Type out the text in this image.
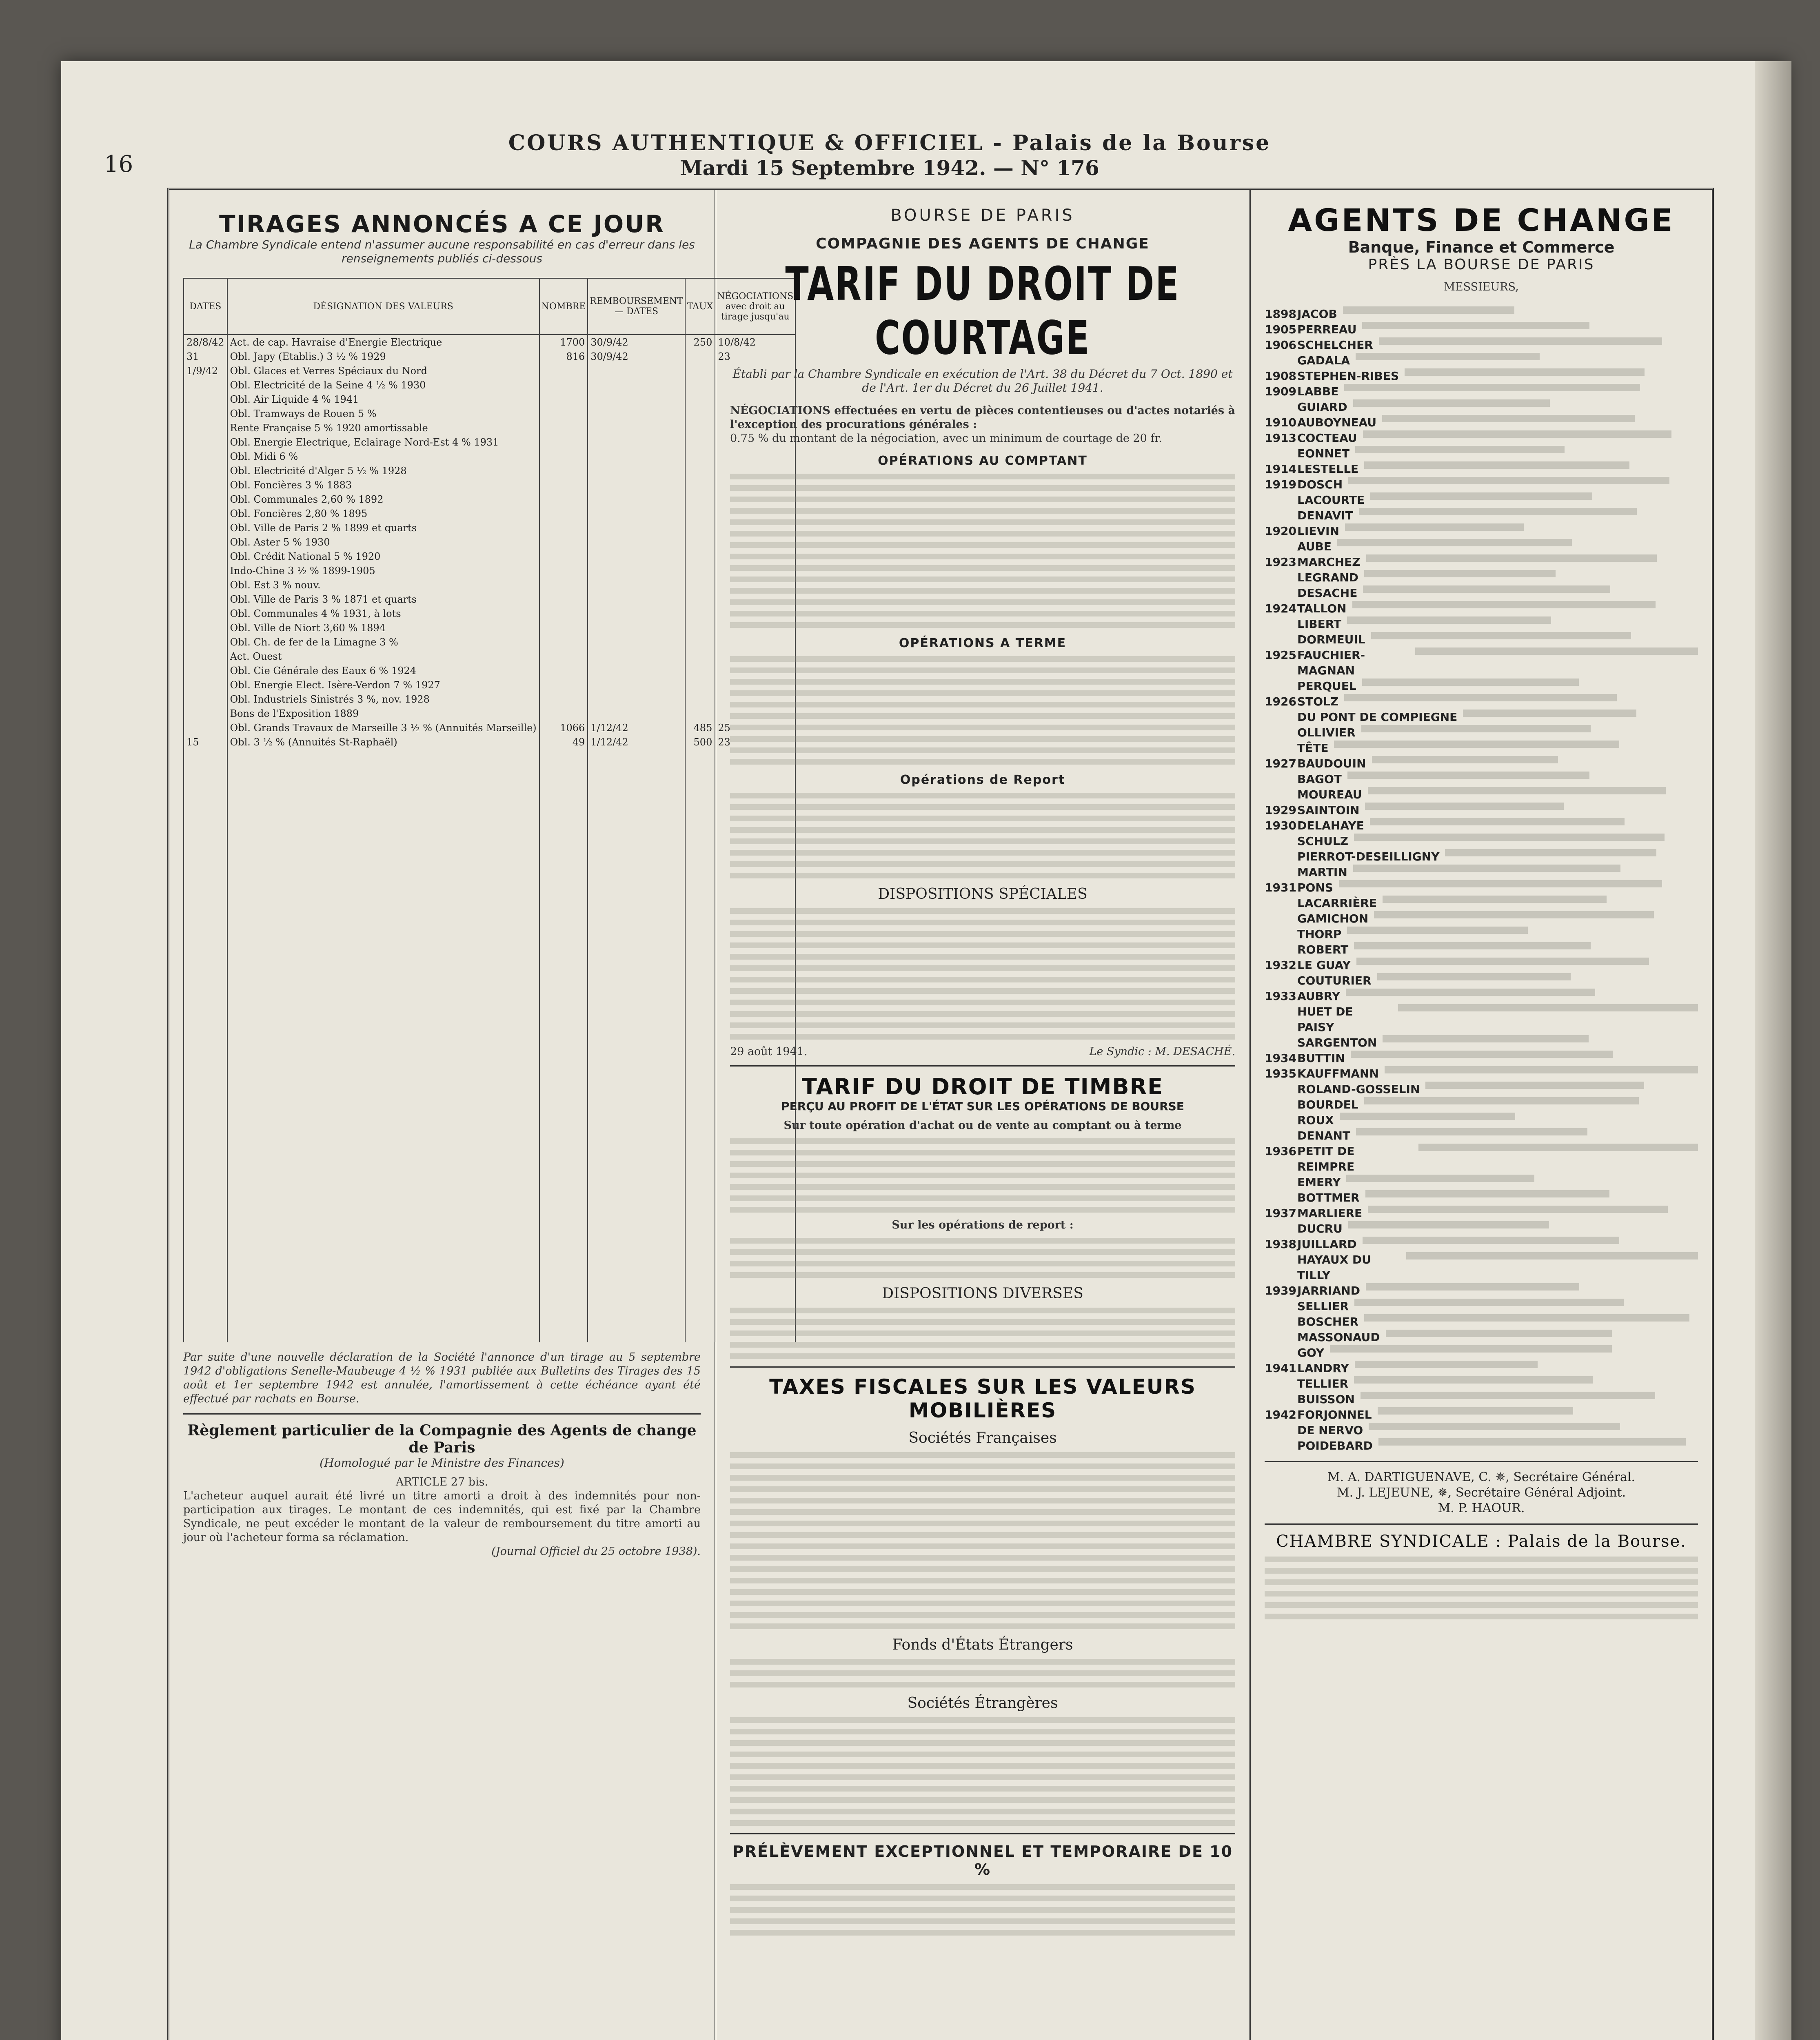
16
COURS AUTHENTIQUE & OFFICIEL - Palais de la Bourse
Mardi 15 Septembre 1942. — N° 176
TIRAGES ANNONCÉS A CE JOUR
La Chambre Syndicale entend n'assumer aucune responsabilité en cas d'erreur dans les renseignements publiés ci-dessous
DATES	DÉSIGNATION DES VALEURS	NOMBRE	REMBOURSEMENT — DATES	TAUX	NÉGOCIATIONS avec droit au tirage jusqu'au
28/8/42	Act. de cap. Havraise d'Energie Electrique	1700	30/9/42	250	10/8/42
31	Obl. Japy (Etablis.) 3 ½ % 1929	816	30/9/42		23
1/9/42	Obl. Glaces et Verres Spéciaux du Nord				
	Obl. Electricité de la Seine 4 ½ % 1930				
	Obl. Air Liquide 4 % 1941				
	Obl. Tramways de Rouen 5 %				
	Rente Française 5 % 1920 amortissable				
	Obl. Energie Electrique, Eclairage Nord-Est 4 % 1931				
	Obl. Midi 6 %				
	Obl. Electricité d'Alger 5 ½ % 1928				
	Obl. Foncières 3 % 1883				
	Obl. Communales 2,60 % 1892				
	Obl. Foncières 2,80 % 1895				
	Obl. Ville de Paris 2 % 1899 et quarts				
	Obl. Aster 5 % 1930				
	Obl. Crédit National 5 % 1920				
	Indo-Chine 3 ½ % 1899-1905				
	Obl. Est 3 % nouv.				
	Obl. Ville de Paris 3 % 1871 et quarts				
	Obl. Communales 4 % 1931, à lots				
	Obl. Ville de Niort 3,60 % 1894				
	Obl. Ch. de fer de la Limagne 3 %				
	Act. Ouest				
	Obl. Cie Générale des Eaux 6 % 1924				
	Obl. Energie Elect. Isère-Verdon 7 % 1927				
	Obl. Industriels Sinistrés 3 %, nov. 1928				
	Bons de l'Exposition 1889				
	Obl. Grands Travaux de Marseille 3 ½ % (Annuités Marseille)	1066	1/12/42	485	25
15	Obl. 3 ½ % (Annuités St-Raphaël)	49	1/12/42	500	23

Par suite d'une nouvelle déclaration de la Société l'annonce d'un tirage au 5 septembre 1942 d'obligations Senelle-Maubeuge 4 ½ % 1931 publiée aux Bulletins des Tirages des 15 août et 1er septembre 1942 est annulée, l'amortissement à cette échéance ayant été effectué par rachats en Bourse.
Règlement particulier de la Compagnie des Agents de change de Paris
(Homologué par le Ministre des Finances)
ARTICLE 27 bis.
L'acheteur auquel aurait été livré un titre amorti a droit à des indemnités pour non-participation aux tirages. Le montant de ces indemnités, qui est fixé par la Chambre Syndicale, ne peut excéder le montant de la valeur de remboursement du titre amorti au jour où l'acheteur forma sa réclamation.
(Journal Officiel du 25 octobre 1938).
BOURSE DE PARIS
COMPAGNIE DES AGENTS DE CHANGE
TARIF DU DROIT DE COURTAGE
Établi par la Chambre Syndicale en exécution de l'Art. 38 du Décret du 7 Oct. 1890 et de l'Art. 1er du Décret du 26 Juillet 1941.
NÉGOCIATIONS effectuées en vertu de pièces contentieuses ou d'actes notariés à l'exception des procurations générales :
0.75 % du montant de la négociation, avec un minimum de courtage de 20 fr.
OPÉRATIONS AU COMPTANT
OPÉRATIONS A TERME
Opérations de Report
DISPOSITIONS SPÉCIALES
29 août 1941.	Le Syndic : M. DESACHÉ.
TARIF DU DROIT DE TIMBRE
PERÇU AU PROFIT DE L'ÉTAT SUR LES OPÉRATIONS DE BOURSE
Sur toute opération d'achat ou de vente au comptant ou à terme
Sur les opérations de report :
DISPOSITIONS DIVERSES
TAXES FISCALES SUR LES VALEURS MOBILIÈRES
Sociétés Françaises
Fonds d'États Étrangers
Sociétés Étrangères
PRÉLÈVEMENT EXCEPTIONNEL ET TEMPORAIRE DE 10 %
AGENTS DE CHANGE
Banque, Finance et Commerce
PRÈS LA BOURSE DE PARIS
MESSIEURS,
1898 JACOB
1905 PERREAU
1906 SCHELCHER
GADALA
1908 STEPHEN-RIBES
1909 LABBE
GUIARD
1910 AUBOYNEAU
1913 COCTEAU
EONNET
1914 LESTELLE
1919 DOSCH
LACOURTE
DENAVIT
1920 LIEVIN
AUBE
1923 MARCHEZ
LEGRAND
DESACHE
1924 TALLON
LIBERT
DORMEUIL
1925 FAUCHIER-MAGNAN
PERQUEL
1926 STOLZ
DU PONT DE COMPIEGNE
OLLIVIER
TÊTE
1927 BAUDOUIN
BAGOT
MOUREAU
1929 SAINTOIN
1930 DELAHAYE
SCHULZ
PIERROT-DESEILLIGNY
MARTIN
1931 PONS
LACARRIÈRE
GAMICHON
THORP
ROBERT
1932 LE GUAY
COUTURIER
1933 AUBRY
HUET DE PAISY
SARGENTON
1934 BUTTIN
1935 KAUFFMANN
ROLAND-GOSSELIN
BOURDEL
ROUX
DENANT
1936 PETIT DE REIMPRE
EMERY
BOTTMER
1937 MARLIERE
DUCRU
1938 JUILLARD
HAYAUX DU TILLY
1939 JARRIAND
SELLIER
BOSCHER
MASSONAUD
GOY
1941 LANDRY
TELLIER
BUISSON
1942 FORJONNEL
DE NERVO
POIDEBARD
M. A. DARTIGUENAVE, C. ✵, Secrétaire Général.
M. J. LEJEUNE, ✵, Secrétaire Général Adjoint.
M. P. HAOUR.
CHAMBRE SYNDICALE : Palais de la Bourse.
